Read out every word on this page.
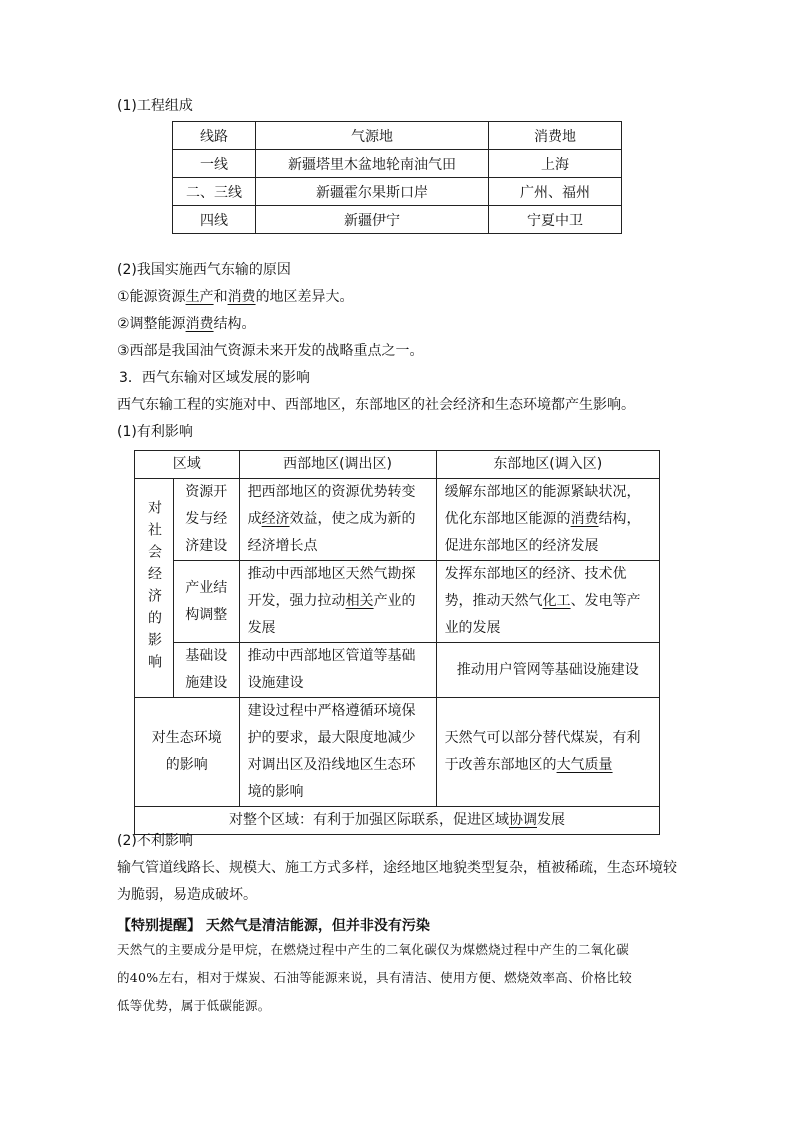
(1)工程组成
线路	气源地	消费地
一线	新疆塔里木盆地轮南油气田	上海
二、三线	新疆霍尔果斯口岸	广州、福州
四线	新疆伊宁	宁夏中卫
(2)我国实施西气东输的原因
①能源资源生产和消费的地区差异大。
②调整能源消费结构。
③西部是我国油气资源未来开发的战略重点之一。
3．西气东输对区域发展的影响
西气东输工程的实施对中、西部地区，东部地区的社会经济和生态环境都产生影响。
(1)有利影响
区域		西部地区(调出区)	东部地区(调入区)
对社会经济的影响	资源开发与经济建设	把西部地区的资源优势转变成经济效益，使之成为新的经济增长点	缓解东部地区的能源紧缺状况，优化东部地区能源的消费结构，促进东部地区的经济发展
	产业结构调整	推动中西部地区天然气勘探开发，强力拉动相关产业的发展	发挥东部地区的经济、技术优势，推动天然气化工、发电等产业的发展
	基础设施建设	推动中西部地区管道等基础设施建设	推动用户管网等基础设施建设
对生态环境的影响		建设过程中严格遵循环境保护的要求，最大限度地减少对调出区及沿线地区生态环境的影响	天然气可以部分替代煤炭，有利于改善东部地区的大气质量
对整个区域：有利于加强区际联系，促进区域协调发展			
(2)不利影响
输气管道线路长、规模大、施工方式多样，途经地区地貌类型复杂，植被稀疏，生态环境较
为脆弱，易造成破坏。
【特别提醒】 天然气是清洁能源，但并非没有污染
天然气的主要成分是甲烷，在燃烧过程中产生的二氧化碳仅为煤燃烧过程中产生的二氧化碳
的40%左右，相对于煤炭、石油等能源来说，具有清洁、使用方便、燃烧效率高、价格比较
低等优势，属于低碳能源。
